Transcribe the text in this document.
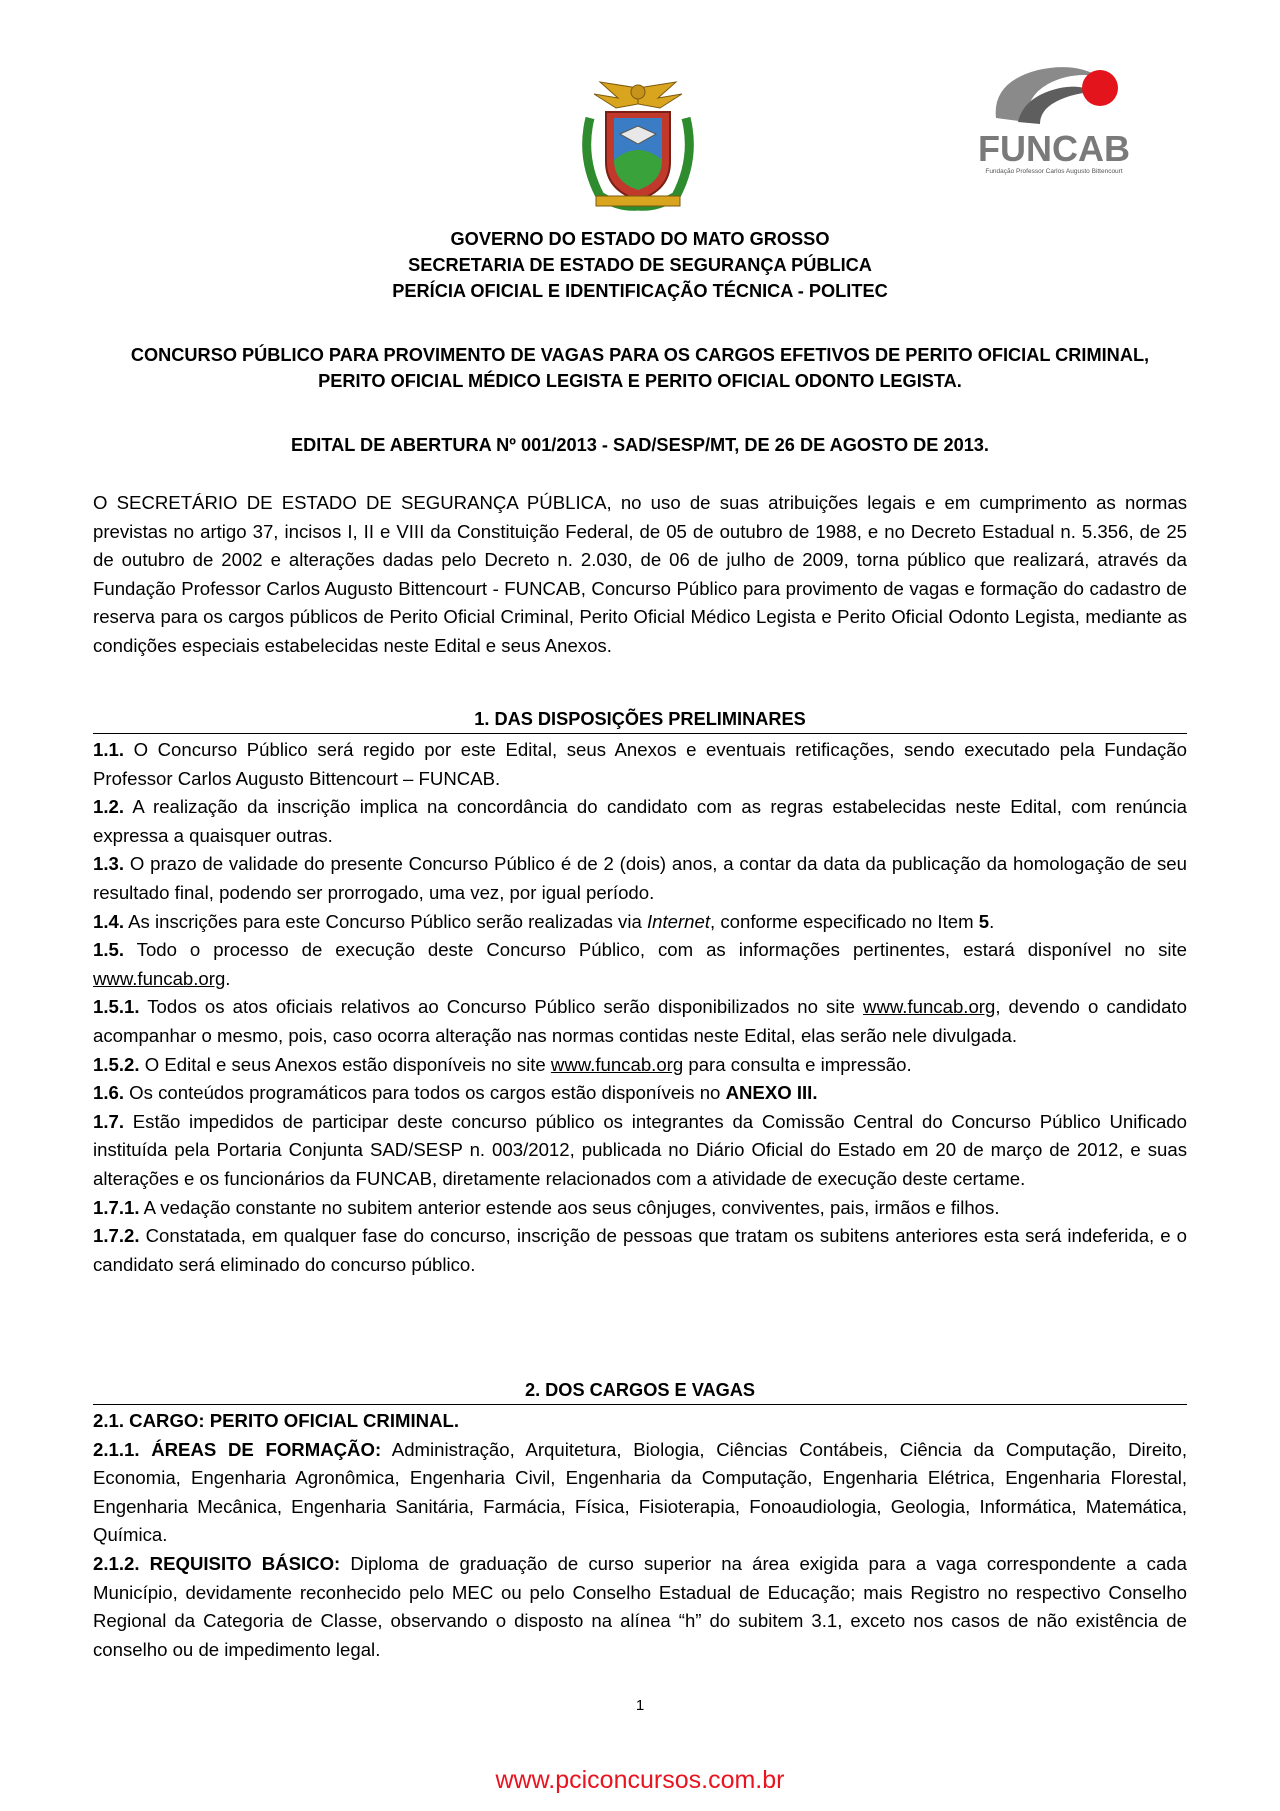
FUNCAB
Fundação Professor Carlos Augusto Bittencourt
GOVERNO DO ESTADO DO MATO GROSSO
SECRETARIA DE ESTADO DE SEGURANÇA PÚBLICA
PERÍCIA OFICIAL E IDENTIFICAÇÃO TÉCNICA - POLITEC
CONCURSO PÚBLICO PARA PROVIMENTO DE VAGAS PARA OS CARGOS EFETIVOS DE PERITO OFICIAL CRIMINAL,
PERITO OFICIAL MÉDICO LEGISTA E PERITO OFICIAL ODONTO LEGISTA.
EDITAL DE ABERTURA Nº 001/2013 - SAD/SESP/MT, DE 26 DE AGOSTO DE 2013.
O SECRETÁRIO DE ESTADO DE SEGURANÇA PÚBLICA, no uso de suas atribuições legais e em cumprimento as normas previstas no artigo 37, incisos I, II e VIII da Constituição Federal, de 05 de outubro de 1988, e no Decreto Estadual n. 5.356, de 25 de outubro de 2002 e alterações dadas pelo Decreto n. 2.030, de 06 de julho de 2009, torna público que realizará, através da Fundação Professor Carlos Augusto Bittencourt - FUNCAB, Concurso Público para provimento de vagas e formação do cadastro de reserva para os cargos públicos de Perito Oficial Criminal, Perito Oficial Médico Legista e Perito Oficial Odonto Legista, mediante as condições especiais estabelecidas neste Edital e seus Anexos.
1. DAS DISPOSIÇÕES PRELIMINARES

1.1. O Concurso Público será regido por este Edital, seus Anexos e eventuais retificações, sendo executado pela Fundação Professor Carlos Augusto Bittencourt – FUNCAB.

1.2. A realização da inscrição implica na concordância do candidato com as regras estabelecidas neste Edital, com renúncia expressa a quaisquer outras.

1.3. O prazo de validade do presente Concurso Público é de 2 (dois) anos, a contar da data da publicação da homologação de seu resultado final, podendo ser prorrogado, uma vez, por igual período.

1.4. As inscrições para este Concurso Público serão realizadas via Internet, conforme especificado no Item 5.

1.5. Todo o processo de execução deste Concurso Público, com as informações pertinentes, estará disponível no site www.funcab.org.

1.5.1. Todos os atos oficiais relativos ao Concurso Público serão disponibilizados no site www.funcab.org, devendo o candidato acompanhar o mesmo, pois, caso ocorra alteração nas normas contidas neste Edital, elas serão nele divulgada.

1.5.2. O Edital e seus Anexos estão disponíveis no site www.funcab.org para consulta e impressão.

1.6. Os conteúdos programáticos para todos os cargos estão disponíveis no ANEXO III.

1.7. Estão impedidos de participar deste concurso público os integrantes da Comissão Central do Concurso Público Unificado instituída pela Portaria Conjunta SAD/SESP n. 003/2012, publicada no Diário Oficial do Estado em 20 de março de 2012, e suas alterações e os funcionários da FUNCAB, diretamente relacionados com a atividade de execução deste certame.

1.7.1. A vedação constante no subitem anterior estende aos seus cônjuges, conviventes, pais, irmãos e filhos.

1.7.2. Constatada, em qualquer fase do concurso, inscrição de pessoas que tratam os subitens anteriores esta será indeferida, e o candidato será eliminado do concurso público.

2. DOS CARGOS E VAGAS

2.1. CARGO: PERITO OFICIAL CRIMINAL.

2.1.1. ÁREAS DE FORMAÇÃO: Administração, Arquitetura, Biologia, Ciências Contábeis, Ciência da Computação, Direito, Economia, Engenharia Agronômica, Engenharia Civil, Engenharia da Computação, Engenharia Elétrica, Engenharia Florestal, Engenharia Mecânica, Engenharia Sanitária, Farmácia, Física, Fisioterapia, Fonoaudiologia, Geologia, Informática, Matemática, Química.

2.1.2. REQUISITO BÁSICO: Diploma de graduação de curso superior na área exigida para a vaga correspondente a cada Município, devidamente reconhecido pelo MEC ou pelo Conselho Estadual de Educação; mais Registro no respectivo Conselho Regional da Categoria de Classe, observando o disposto na alínea “h” do subitem 3.1, exceto nos casos de não existência de conselho ou de impedimento legal.

1
www.pciconcursos.com.br
